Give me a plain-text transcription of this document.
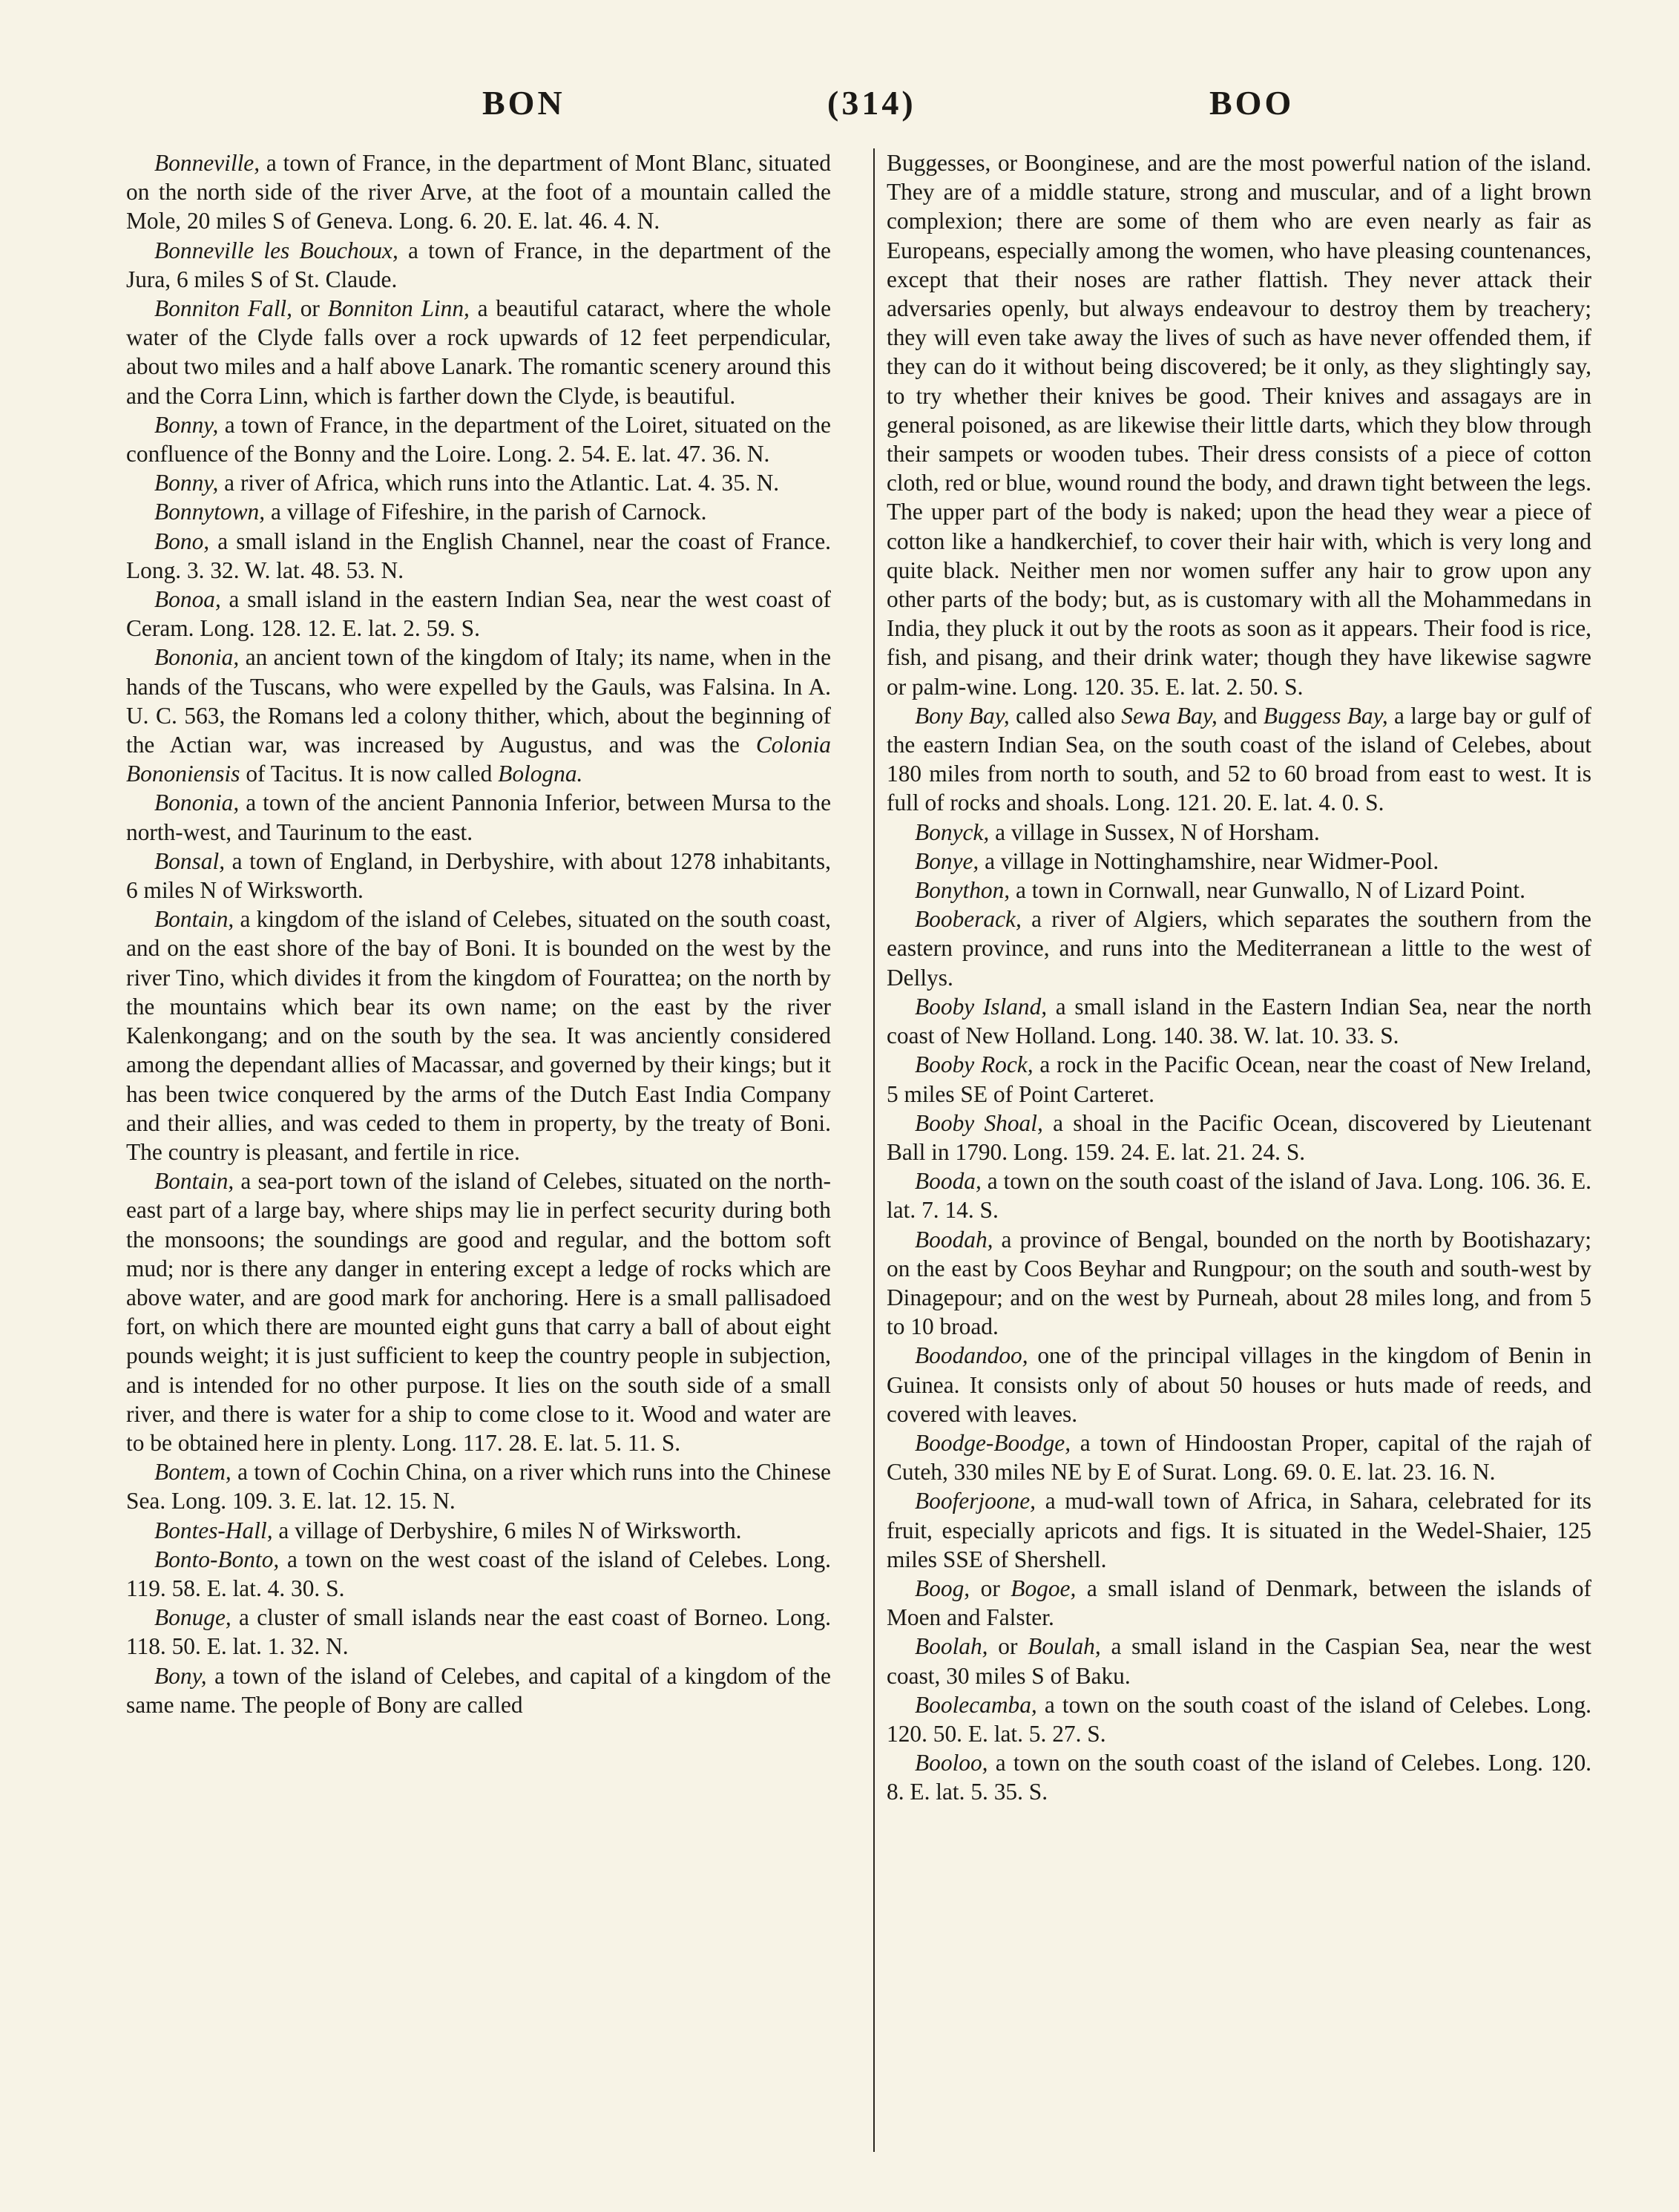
BON	(314)	BOO

Bonneville, a town of France, in the department of Mont Blanc, situated on the north side of the river Arve, at the foot of a mountain called the Mole, 20 miles S of Geneva. Long. 6. 20. E. lat. 46. 4. N.

Bonneville les Bouchoux, a town of France, in the department of the Jura, 6 miles S of St. Claude.

Bonniton Fall, or Bonniton Linn, a beautiful cataract, where the whole water of the Clyde falls over a rock upwards of 12 feet perpendicular, about two miles and a half above Lanark. The romantic scenery around this and the Corra Linn, which is farther down the Clyde, is beautiful.

Bonny, a town of France, in the department of the Loiret, situated on the confluence of the Bonny and the Loire. Long. 2. 54. E. lat. 47. 36. N.

Bonny, a river of Africa, which runs into the Atlantic. Lat. 4. 35. N.

Bonnytown, a village of Fifeshire, in the parish of Carnock.

Bono, a small island in the English Channel, near the coast of France. Long. 3. 32. W. lat. 48. 53. N.

Bonoa, a small island in the eastern Indian Sea, near the west coast of Ceram. Long. 128. 12. E. lat. 2. 59. S.

Bononia, an ancient town of the kingdom of Italy; its name, when in the hands of the Tuscans, who were expelled by the Gauls, was Falsina. In A. U. C. 563, the Romans led a colony thither, which, about the beginning of the Actian war, was increased by Augustus, and was the Colonia Bononiensis of Tacitus. It is now called Bologna.

Bononia, a town of the ancient Pannonia Inferior, between Mursa to the north-west, and Taurinum to the east.

Bonsal, a town of England, in Derbyshire, with about 1278 inhabitants, 6 miles N of Wirksworth.

Bontain, a kingdom of the island of Celebes, situated on the south coast, and on the east shore of the bay of Boni. It is bounded on the west by the river Tino, which divides it from the kingdom of Fourattea; on the north by the mountains which bear its own name; on the east by the river Kalenkongang; and on the south by the sea. It was anciently considered among the dependant allies of Macassar, and governed by their kings; but it has been twice conquered by the arms of the Dutch East India Company and their allies, and was ceded to them in property, by the treaty of Boni. The country is pleasant, and fertile in rice.

Bontain, a sea-port town of the island of Celebes, situated on the north-east part of a large bay, where ships may lie in perfect security during both the monsoons; the soundings are good and regular, and the bottom soft mud; nor is there any danger in entering except a ledge of rocks which are above water, and are good mark for anchoring. Here is a small pallisadoed fort, on which there are mounted eight guns that carry a ball of about eight pounds weight; it is just sufficient to keep the country people in subjection, and is intended for no other purpose. It lies on the south side of a small river, and there is water for a ship to come close to it. Wood and water are to be obtained here in plenty. Long. 117. 28. E. lat. 5. 11. S.

Bontem, a town of Cochin China, on a river which runs into the Chinese Sea. Long. 109. 3. E. lat. 12. 15. N.

Bontes-Hall, a village of Derbyshire, 6 miles N of Wirksworth.

Bonto-Bonto, a town on the west coast of the island of Celebes. Long. 119. 58. E. lat. 4. 30. S.

Bonuge, a cluster of small islands near the east coast of Borneo. Long. 118. 50. E. lat. 1. 32. N.

Bony, a town of the island of Celebes, and capital of a kingdom of the same name. The people of Bony are called

Buggesses, or Boonginese, and are the most powerful nation of the island. They are of a middle stature, strong and muscular, and of a light brown complexion; there are some of them who are even nearly as fair as Europeans, especially among the women, who have pleasing countenances, except that their noses are rather flattish. They never attack their adversaries openly, but always endeavour to destroy them by treachery; they will even take away the lives of such as have never offended them, if they can do it without being discovered; be it only, as they slightingly say, to try whether their knives be good. Their knives and assagays are in general poisoned, as are likewise their little darts, which they blow through their sampets or wooden tubes. Their dress consists of a piece of cotton cloth, red or blue, wound round the body, and drawn tight between the legs. The upper part of the body is naked; upon the head they wear a piece of cotton like a handkerchief, to cover their hair with, which is very long and quite black. Neither men nor women suffer any hair to grow upon any other parts of the body; but, as is customary with all the Mohammedans in India, they pluck it out by the roots as soon as it appears. Their food is rice, fish, and pisang, and their drink water; though they have likewise sagwre or palm-wine. Long. 120. 35. E. lat. 2. 50. S.

Bony Bay, called also Sewa Bay, and Buggess Bay, a large bay or gulf of the eastern Indian Sea, on the south coast of the island of Celebes, about 180 miles from north to south, and 52 to 60 broad from east to west. It is full of rocks and shoals. Long. 121. 20. E. lat. 4. 0. S.

Bonyck, a village in Sussex, N of Horsham.

Bonye, a village in Nottinghamshire, near Widmer-Pool.

Bonython, a town in Cornwall, near Gunwallo, N of Lizard Point.

Booberack, a river of Algiers, which separates the southern from the eastern province, and runs into the Mediterranean a little to the west of Dellys.

Booby Island, a small island in the Eastern Indian Sea, near the north coast of New Holland. Long. 140. 38. W. lat. 10. 33. S.

Booby Rock, a rock in the Pacific Ocean, near the coast of New Ireland, 5 miles SE of Point Carteret.

Booby Shoal, a shoal in the Pacific Ocean, discovered by Lieutenant Ball in 1790. Long. 159. 24. E. lat. 21. 24. S.

Booda, a town on the south coast of the island of Java. Long. 106. 36. E. lat. 7. 14. S.

Boodah, a province of Bengal, bounded on the north by Bootishazary; on the east by Coos Beyhar and Rungpour; on the south and south-west by Dinagepour; and on the west by Purneah, about 28 miles long, and from 5 to 10 broad.

Boodandoo, one of the principal villages in the kingdom of Benin in Guinea. It consists only of about 50 houses or huts made of reeds, and covered with leaves.

Boodge-Boodge, a town of Hindoostan Proper, capital of the rajah of Cuteh, 330 miles NE by E of Surat. Long. 69. 0. E. lat. 23. 16. N.

Booferjoone, a mud-wall town of Africa, in Sahara, celebrated for its fruit, especially apricots and figs. It is situated in the Wedel-Shaier, 125 miles SSE of Shershell.

Boog, or Bogoe, a small island of Denmark, between the islands of Moen and Falster.

Boolah, or Boulah, a small island in the Caspian Sea, near the west coast, 30 miles S of Baku.

Boolecamba, a town on the south coast of the island of Celebes. Long. 120. 50. E. lat. 5. 27. S.

Booloo, a town on the south coast of the island of Celebes. Long. 120. 8. E. lat. 5. 35. S.
